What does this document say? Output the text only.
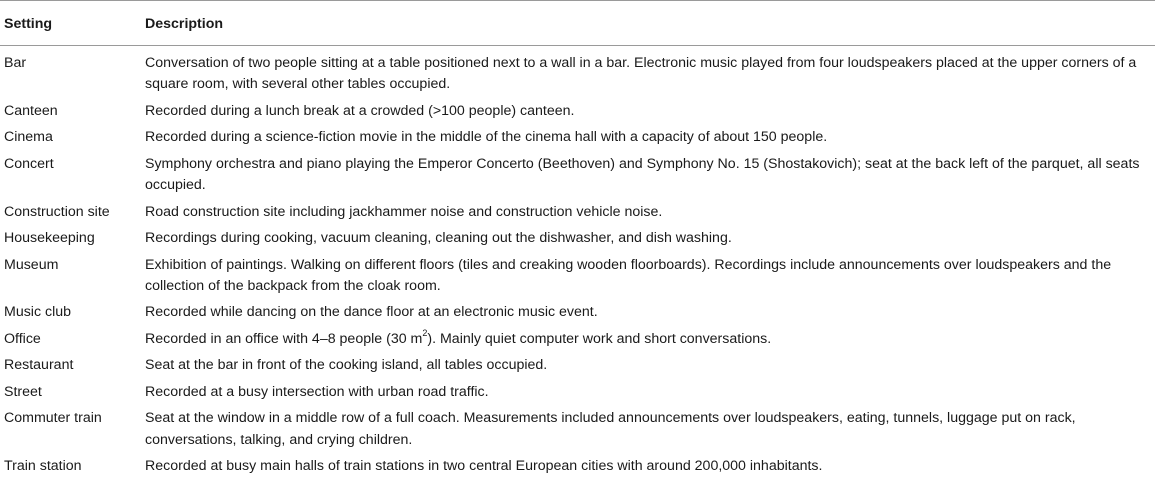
Setting	Description
Bar	Conversation of two people sitting at a table positioned next to a wall in a bar. Electronic music played from four loudspeakers placed at the upper corners of a square room, with several other tables occupied.
Canteen	Recorded during a lunch break at a crowded (>100 people) canteen.
Cinema	Recorded during a science-fiction movie in the middle of the cinema hall with a capacity of about 150 people.
Concert	Symphony orchestra and piano playing the Emperor Concerto (Beethoven) and Symphony No. 15 (Shostakovich); seat at the back left of the parquet, all seats occupied.
Construction site	Road construction site including jackhammer noise and construction vehicle noise.
Housekeeping	Recordings during cooking, vacuum cleaning, cleaning out the dishwasher, and dish washing.
Museum	Exhibition of paintings. Walking on different floors (tiles and creaking wooden floorboards). Recordings include announcements over loudspeakers and the collection of the backpack from the cloak room.
Music club	Recorded while dancing on the dance floor at an electronic music event.
Office	Recorded in an office with 4–8 people (30 $m^2$). Mainly quiet computer work and short conversations.
Restaurant	Seat at the bar in front of the cooking island, all tables occupied.
Street	Recorded at a busy intersection with urban road traffic.
Commuter train	Seat at the window in a middle row of a full coach. Measurements included announcements over loudspeakers, eating, tunnels, luggage put on rack, conversations, talking, and crying children.
Train station	Recorded at busy main halls of train stations in two central European cities with around 200,000 inhabitants.
